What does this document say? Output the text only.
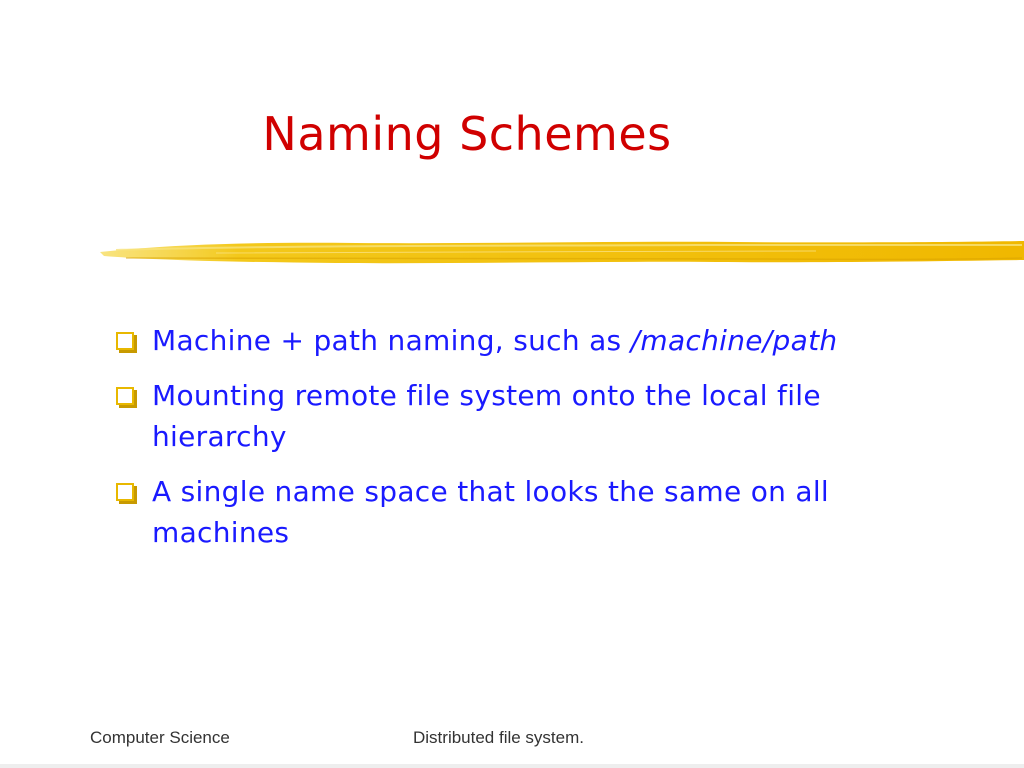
Naming Schemes
Machine + path naming, such as /machine/path
Mounting remote file system onto the local file hierarchy
A single name space that looks the same on all machines
Computer Science	Distributed file system.
